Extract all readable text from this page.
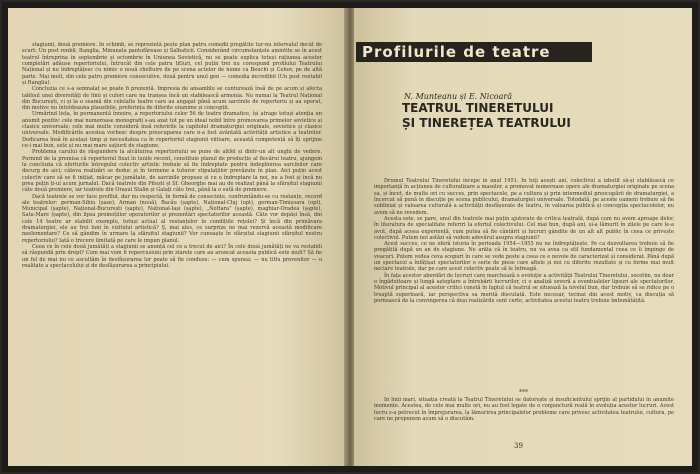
stagiunii, două premiere. În schimb, se reprezintă pește plan patru comedii pregătite tur-nu intervalul decât de scurt: Un post renbil, Itanglia, Minunata pantofărease și Salbaticii. Considerând circumstanțele amintite se în acest teatrul întreprina în septembrie și octombrie în Uniunea Sovietică, nu se poate explica totuși rațiunea acestor completări adăuse repertoriului, întrucât din cele patru titluri, cel puțin trei nu corespund profilului Teatrului Național și nu îndreptățesc cu nimic o nouă cheltuire de pe scena actelor de nume ca Beuchi și Cehov, pe de altă parte. Mai mult, din cele patru premiere consecutive, două pentru unul gen — comedia incredibil (Un post rentabil și Ranglia).

Concluzia ce s-a semnalat se poate fi prezentă. Impresia de ansamblu se conturează însă de pe acum și afecta tabloul unei diversități de linii și culori care nu tranșea încă un stabilească armonia. Nu numai la Teatrul Național din București, ci și la o seamă din celelalte teatre care au angajat până acum sarcinile de repertoriu și au operat, din motive nu întotdeauna plauzibile, preferința de diferite unanime și concepții.

Urmărind lista, în permanentă înnoire, a repertoriului celor 56 de teatre dramatice, își atrage totuși atenția un anumit pozitiv: cele mai numeroase monografii s-au axat tot pe un ideal nobil între promovarea primelor sovietice și clasice universale; cele mai multe consideră însă referirile la capitolul dramaturgiei originale, sovietice și clasice universale. Modificările acestea vorbesc despre preocuparea care n-a fost avântată activității artistice a teatrelor. Dedicarea însă în același timp și necesitatea ca în repertoriul stagiunii viitoare, această competență să îți sprijine ce-i mai bun, este și nu mai mare sațiurii de stagiune.

Problema carului de răspundere la alcătuirea repertoriului se pune de altfel și dintr-un alt unghi de vedere. Pornind de la premisa că repertoriul fixat în lunile recent, constituie planul de producție al fiecărui teatru, ajungem la concluzia că eforturile întregului colectiv artistic trebuie să fie îndreptate pentru îndeplinirea sarcinilor care decurg de aici; câteva realizări se deduc și în termene a tuturor stipulațiilor prevăzute în plan. Aici puțin acest colectiv care să se fi inițiat, măcar pe jumătate, de sarcinile propuse și cu o îndreptare la noi, nu a fost și încă nu prea puțin ți-ul acum jurnalul. Dacă teatrele din Pitești și Sf. Gheorghe mai au de realizat până la sfârșitul stagiunii câte două premiere, iar teatrele din Orașul Stalin și Galați câte trei, până la o sută de premiere.

Dacă teatrele se vor face profilul, dar nu respectă, în formă de consecințe, confruntându-se cu restanțe, record ale teatrelor: german-Sibiu (șase), Arman (nouă), Bacău (șapte), Național-Cluj (opt), german-Timișoara (opt), Municipal (șapte), Național-București (șapte), Național-Iași (șapte), „Nottara” (șapte), maghiar-Oradea (șapte), Satu-Mare (șapte), din lipsa promoțiilor operatorilor și prezentări spectatorilor această. Câte vor depăși însă, din cele 14 teatre ar stabilit exemplu, totuși actual al restanțelor în condițiile rețelei? Și încă din primăvara dramaturgiei, ele au trei luni în vizitului artistică? Ș, mai ales, ce surprize ne mai rezervă această modificare neelementare? Ce să gândim în urmare la sfârșitul stagiunii? Vor cunoaște în sfârșitul stagiunii sfârșitul nostru repertoriului? Iată o trecere limitată pe care le impun planul.

Ceea ce în cele două jumătăți a stagiunii se anunță cel ce a trecut de aici? În cele două jumătăți ne va restabili să răspundă prin drept? Cum mai vom fi repercusiuni prin ziarele care au aruncat aceasta publică este mult? Să fie un fel de mai nu ce ascultăm în desfășurarea lor poate să fie conduse: — cum spunea: — nu titlu prevenitor — o realitate a spectacolului și de desfășurarea a principiului.

Profilurile de teatre
N. Munteanu și E. Nicoară
TEATRUL TINERETULUI
ȘI TINEREȚEA TEATRULUI

Drumul Teatrului Tineretului începe în anul 1951. În toți acești ani, colectivul a izbutit să-și stabilească ce importanță în acțiunea de culturalizare a maselor, a promovat numeroase opere ale dramaturgiei originale pe scena sa, și încet, de multe ori cu succes, prin spectacole, pe a cultura și prin intermediul preocupării de dramaturgiei, a încercat să pună în discuție pe scena publicului, dramaturgiei universale. Totodată, pe aceste oameni trebuie să fie subliniat și valoarea culturală a activității desfășurate de teatru, în valoarea publică și concepția spectacolelor, nu avem să ne revedem.

Acesta este, se pare, unul din teatrele mai puțin ajutorate de critica teatrală, după cum nu avem aproape deloc în literatura de specialitate referiri la efortul colectivului. Cel mai bun, după ani, și-a lămurit în zilele pe care le-a avut, după aceea experiență, cum putea să fie cântărit și lucruri gândite de un alt alt public în ceea ce privește colectivul. Putem noi astăzi să vedem adevărul asupra stagiunii?

Acest succes, ce ne oferă istoria în perioada 1954—1955 nu ne îndreptățește. Pe ca dezvoltarea trebuie să fie pregătită după un an de stagiune. Ne arăta că în teatru, nu va avea ca stil fundamental ceea ce îi împinge de veacuri. Putem vedea ceva scopuri în care se vede peste a ceea ce e nevoie de caracterizat și considerat. Până după un spectacol a înfățișat spectatorilor o serie de piese care altele și noi cu diferite rezultate și cu forme mai mult neclare teatrale, dar pe care acest colectiv poate să le întreagă.

În fața acestor abordări de lucruri care marchează o evoluție a activității Teatrului Tineretului, socotim, nu doar o îngăduitoare și lungă așteptare a întrebării lucrurilor, ci o analiză severă a eventualelor lipsuri ale spectatorilor. Motivul principal al acestor critici constă în faptul că teatrul se situează la nivelul bun, dar trebuie să se ridice pe o treaptă superioară, iar perspectiva sa merită discutată. Este necesar, tocmai din acest motiv, ca discuția să pornească de la convingerea că deși realizările sunt certe, activitatea acestui teatru trebuie îmbunătățită.

***

În linii mari, situația creată la Teatrul Tineretului se datorește și insuficientului sprijin al partidului în anumite momente. Acestea, de cele mai multe ori, nu au fost legate de o conjunctură reală în evoluția acestor lucruri. Acest lucru s-a petrecut în împrejurarea, la lămurirea principalelor probleme care privesc activitatea teatrului, cultura, pe care ne propunem acum să o discutăm.

39
